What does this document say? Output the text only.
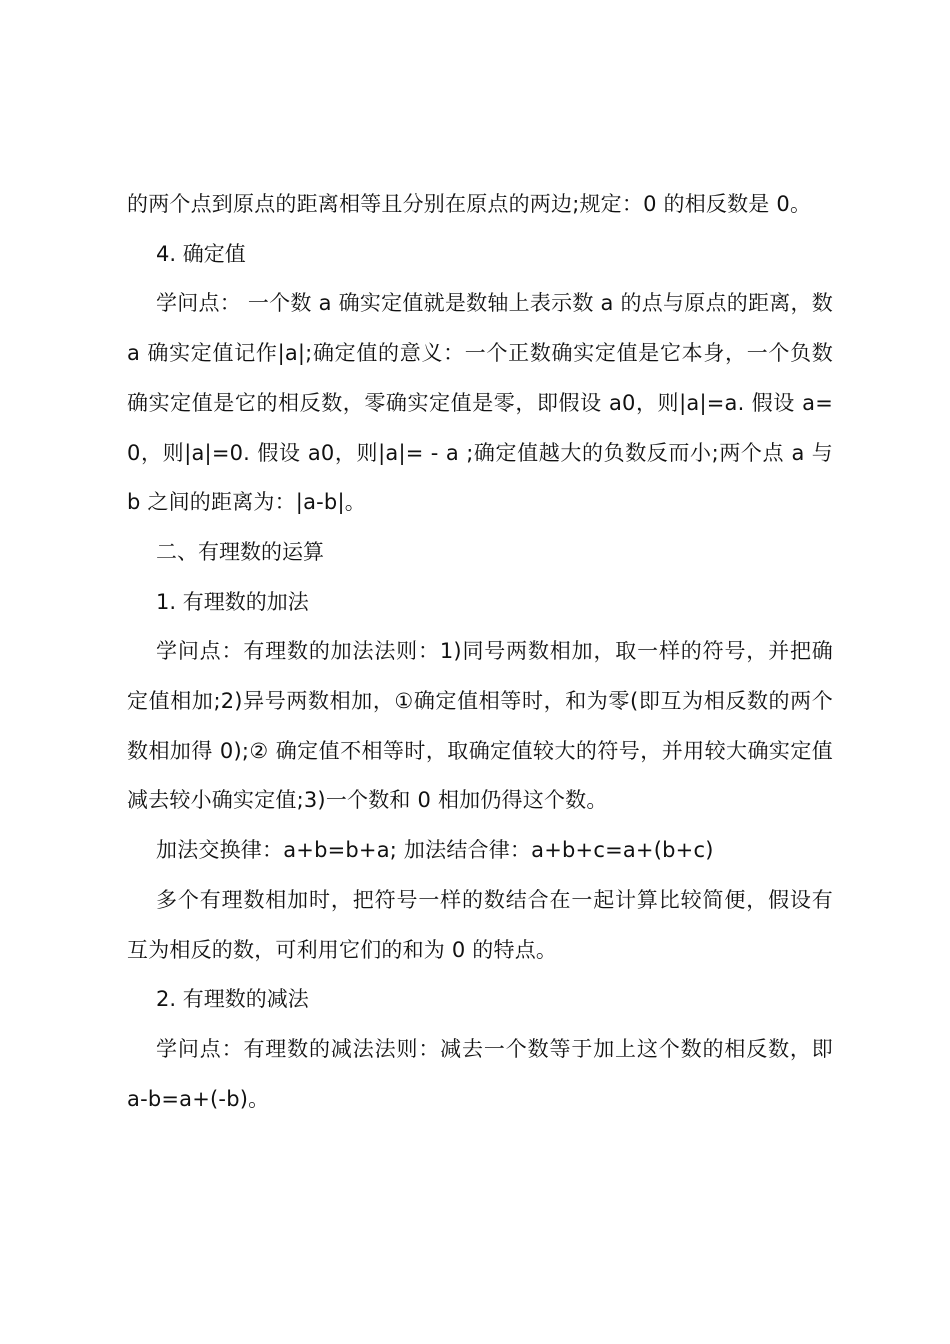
的两个点到原点的距离相等且分别在原点的两边;规定：0 的相反数是 0。

4. 确定值

学问点： 一个数 a 确实定值就是数轴上表示数 a 的点与原点的距离，数 a 确实定值记作|a|;确定值的意义：一个正数确实定值是它本身，一个负数确实定值是它的相反数，零确实定值是零，即假设 a0，则|a|=a. 假设 a=0，则|a|=0. 假设 a0，则|a|= - a ;确定值越大的负数反而小;两个点 a 与 b 之间的距离为：|a-b|。

二、有理数的运算

1. 有理数的加法

学问点：有理数的加法法则：1)同号两数相加，取一样的符号，并把确定值相加;2)异号两数相加，①确定值相等时，和为零(即互为相反数的两个数相加得 0);② 确定值不相等时，取确定值较大的符号，并用较大确实定值减去较小确实定值;3)一个数和 0 相加仍得这个数。

加法交换律：a+b=b+a; 加法结合律：a+b+c=a+(b+c)

多个有理数相加时，把符号一样的数结合在一起计算比较简便，假设有互为相反的数，可利用它们的和为 0 的特点。

2. 有理数的减法

学问点：有理数的减法法则：减去一个数等于加上这个数的相反数，即 a-b=a+(-b)。
